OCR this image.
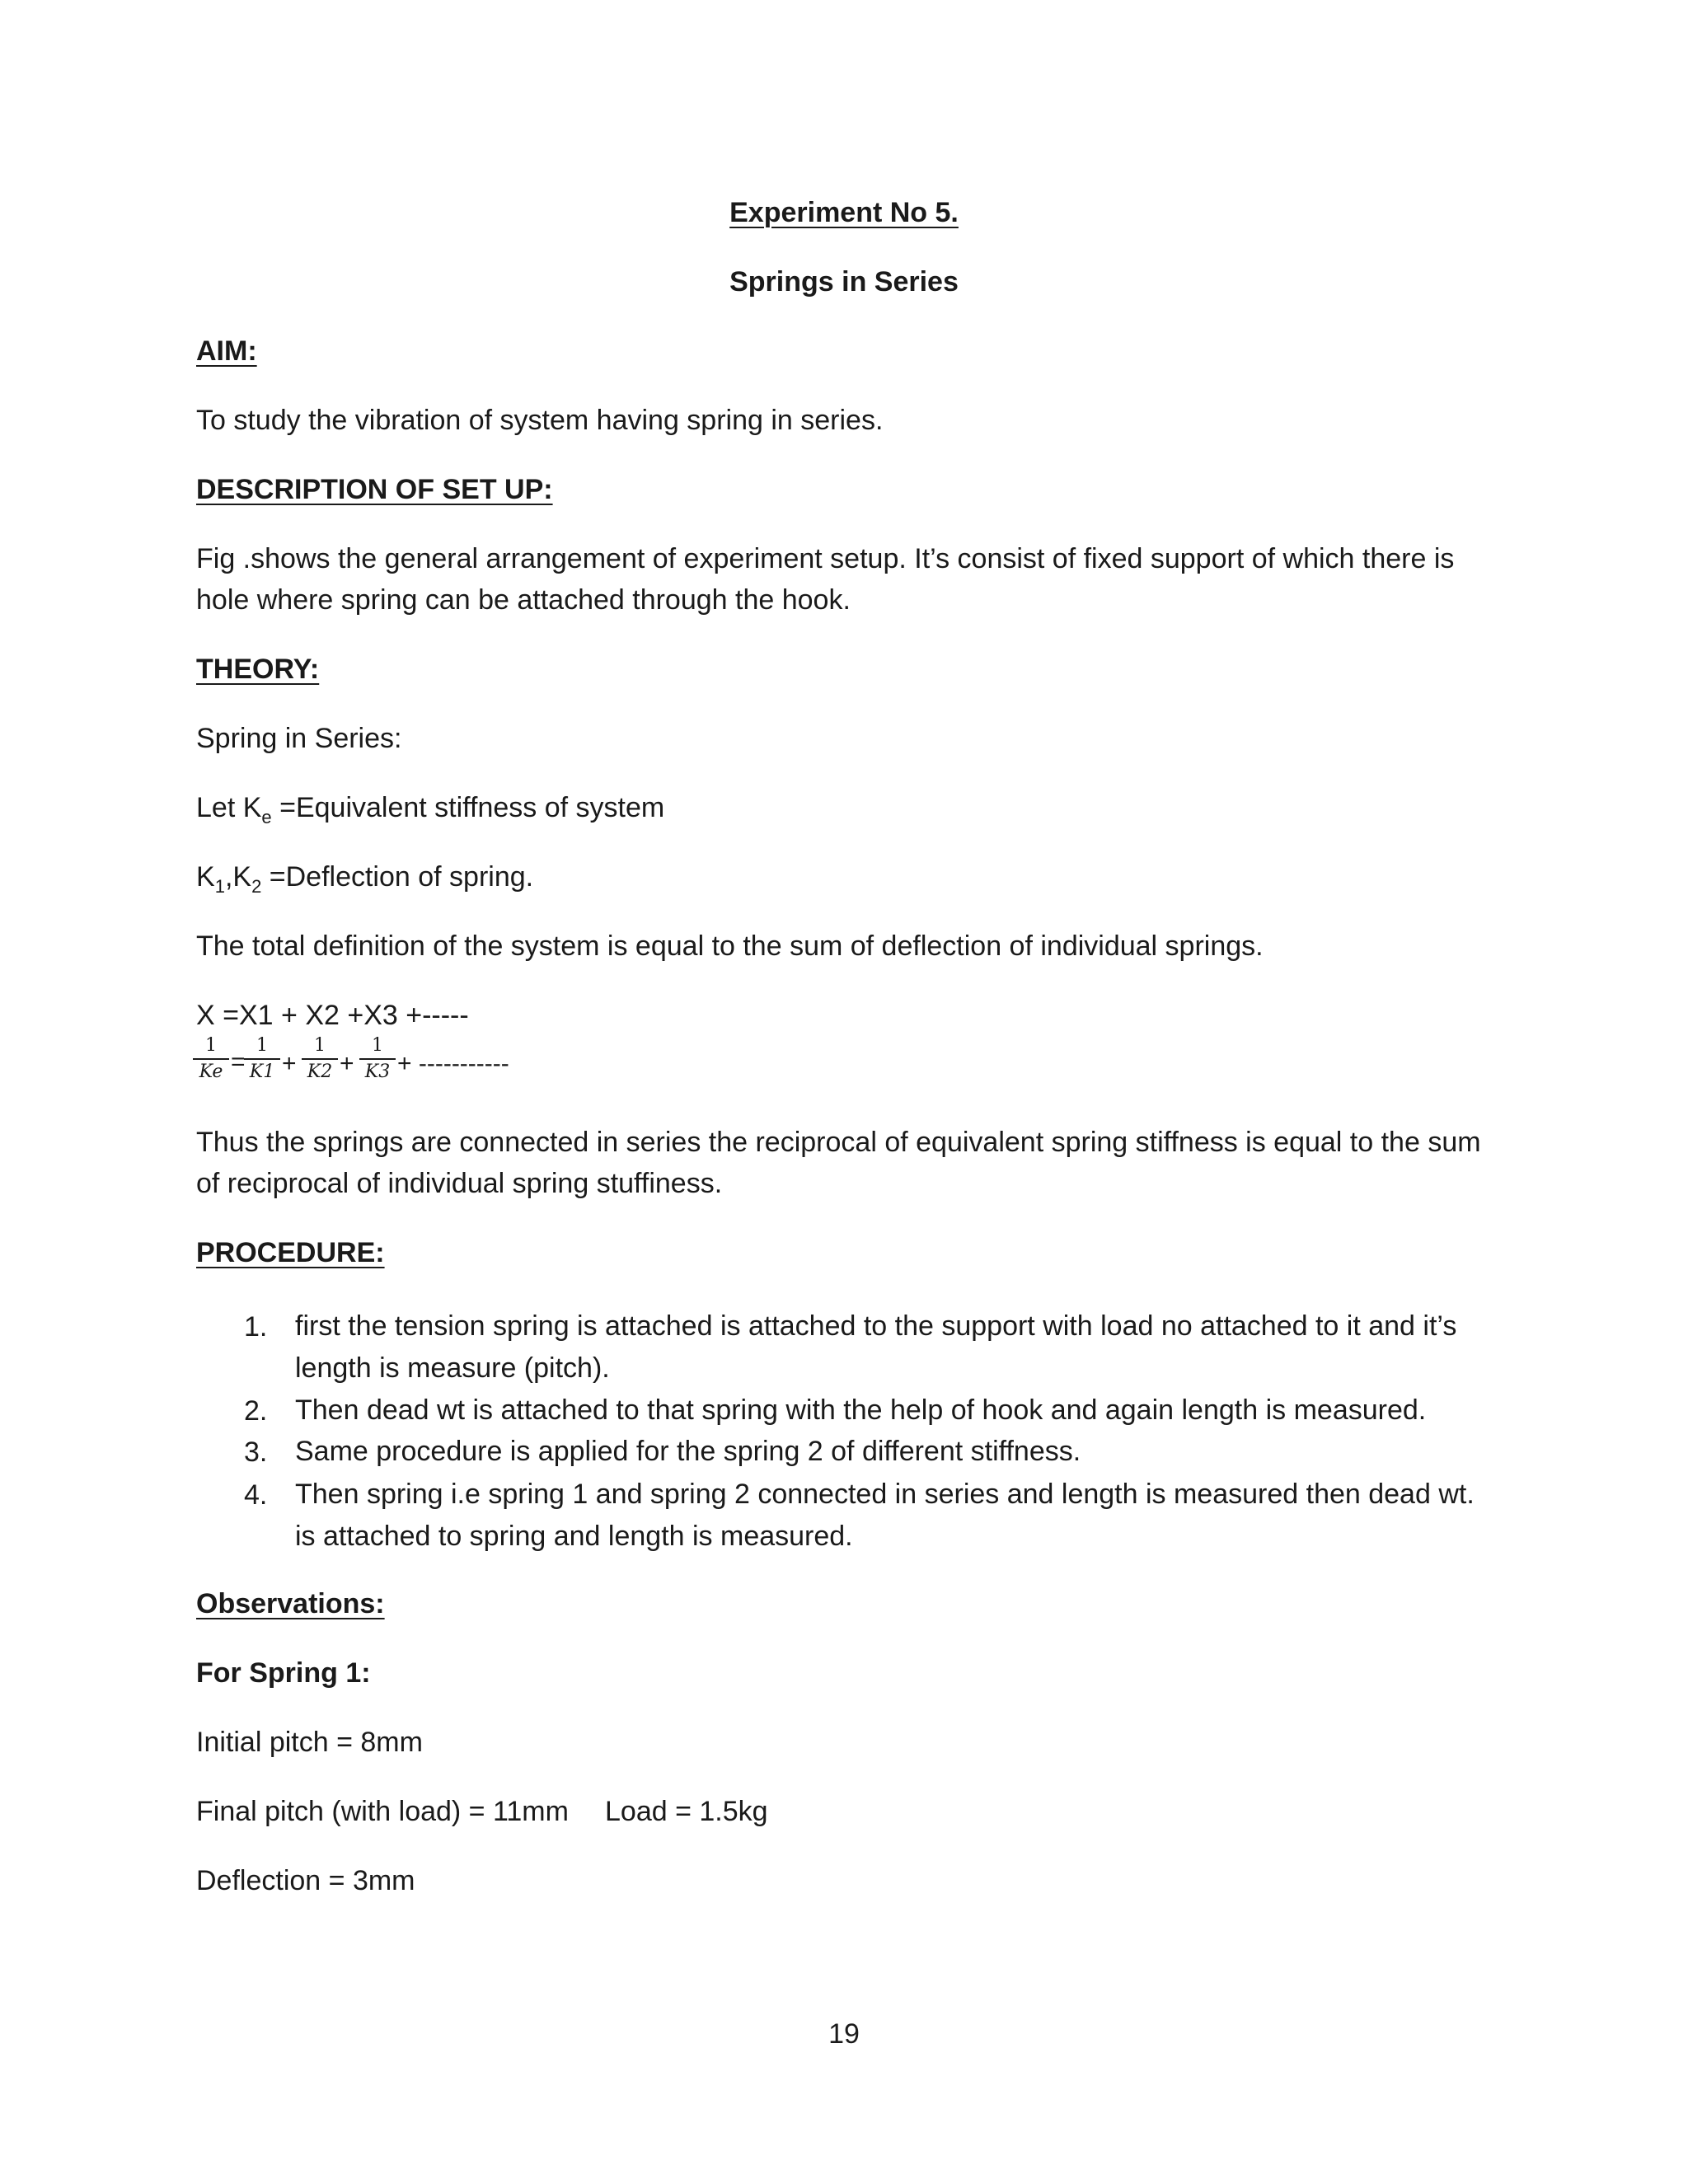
Experiment No 5.
Springs in Series
AIM:
To study the vibration of system having spring in series.
DESCRIPTION OF SET UP:
Fig .shows the general arrangement of experiment setup. It’s consist of fixed support of which there is
hole where spring can be attached through the hook.
THEORY:
Spring in Series:
Let $K_e$ =Equivalent stiffness of system
$K_1,K_2$ =Deflection of spring.
The total definition of the system is equal to the sum of deflection of individual springs.
X =X1 + X2 +X3 +-----
1
Ke =
1
K1 +
1
K2 +
1
K3 + -----------
Thus the springs are connected in series the reciprocal of equivalent spring stiffness is equal to the sum
of reciprocal of individual spring stuffiness.
PROCEDURE:
1. first the tension spring is attached is attached to the support with load no attached to it and it’s length is measure (pitch).
2. Then dead wt is attached to that spring with the help of hook and again length is measured.
3. Same procedure is applied for the spring 2 of different stiffness.
4. Then spring i.e spring 1 and spring 2 connected in series and length is measured then dead wt. is attached to spring and length is measured.
Observations:
For Spring 1:
Initial pitch = 8mm
Final pitch (with load) = 11mm Load = 1.5kg
Deflection = 3mm
19
